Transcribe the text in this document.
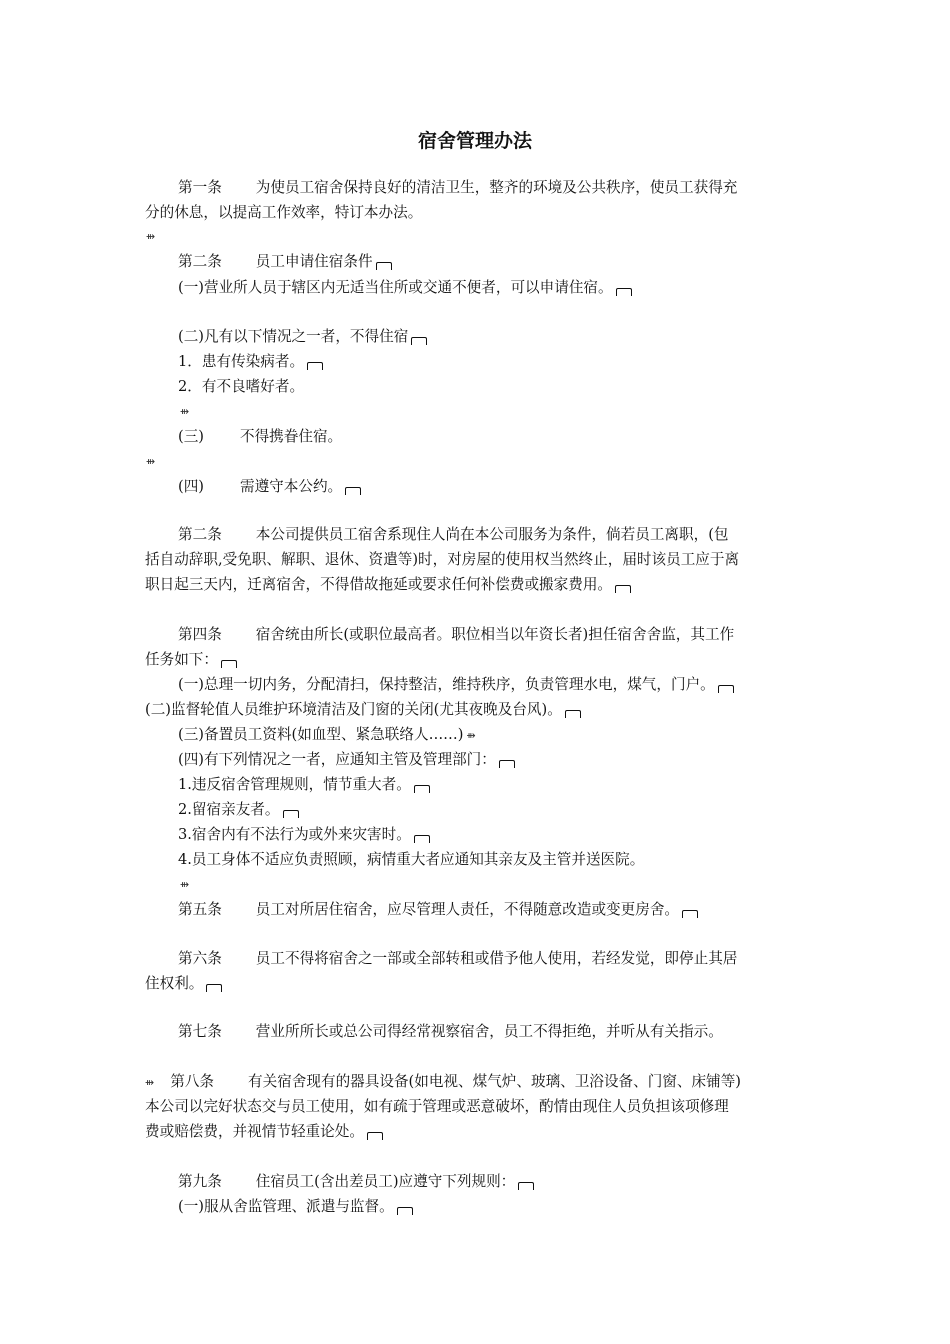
宿舍管理办法
第一条 为使员工宿舍保持良好的清洁卫生，整齐的环境及公共秩序，使员工获得充
分的休息，以提高工作效率，特订本办法。
⇻
第二条 员工申请住宿条件
(一)营业所人员于辖区内无适当住所或交通不便者，可以申请住宿。
(二)凡有以下情况之一者，不得住宿
1．患有传染病者。
2．有不良嗜好者。
⇻
(三) 不得携眷住宿。
⇻
(四) 需遵守本公约。
第二条 本公司提供员工宿舍系现住人尚在本公司服务为条件，倘若员工离职，(包
括自动辞职,受免职、解职、退休、资遣等)时，对房屋的使用权当然终止，届时该员工应于离
职日起三天内，迁离宿舍，不得借故拖延或要求任何补偿费或搬家费用。
第四条 宿舍统由所长(或职位最高者。职位相当以年资长者)担任宿舍舍监，其工作
任务如下：
(一)总理一切内务，分配清扫，保持整洁，维持秩序，负责管理水电，煤气，门户。
(二)监督轮值人员维护环境清洁及门窗的关闭(尤其夜晚及台风)。
(三)备置员工资料(如血型、紧急联络人……) ⇻
(四)有下列情况之一者，应通知主管及管理部门：
1.违反宿舍管理规则，情节重大者。
2.留宿亲友者。
3.宿舍内有不法行为或外来灾害时。
4.员工身体不适应负责照顾，病情重大者应通知其亲友及主管并送医院。
⇻
第五条 员工对所居住宿舍，应尽管理人责任，不得随意改造或变更房舍。
第六条 员工不得将宿舍之一部或全部转租或借予他人使用，若经发觉，即停止其居
住权利。
第七条 营业所所长或总公司得经常视察宿舍，员工不得拒绝，并听从有关指示。
⇻ 第八条 有关宿舍现有的器具设备(如电视、煤气炉、玻璃、卫浴设备、门窗、床铺等)
本公司以完好状态交与员工使用，如有疏于管理或恶意破坏，酌情由现住人员负担该项修理
费或赔偿费，并视情节轻重论处。
第九条 住宿员工(含出差员工)应遵守下列规则：
(一)服从舍监管理、派遣与监督。
